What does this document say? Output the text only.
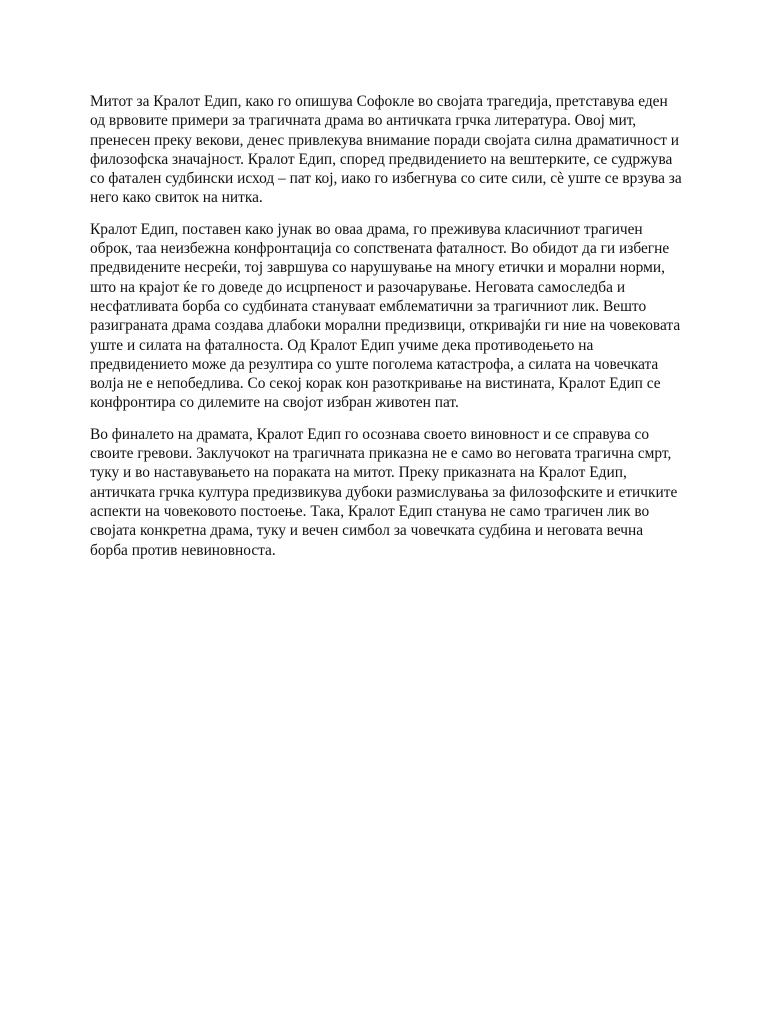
Митот за Кралот Едип, како го опишува Софокле во својата трагедија, претставува еден
од врвовите примери за трагичната драма во античката грчка литература. Овој мит,
пренесен преку векови, денес привлекува внимание поради својата силна драматичност и
филозофска значајност. Кралот Едип, според предвидението на вештерките, се судржува
со фатален судбински исход – пат кој, иако го избегнува со сите сили, сè уште се врзува за
него како свиток на нитка.

Кралот Едип, поставен како јунак во оваа драма, го преживува класичниот трагичен
оброк, таа неизбежна конфронтација со сопствената фаталност. Во обидот да ги избегне
предвидените несреќи, тој завршува со нарушување на многу етички и морални норми,
што на крајот ќе го доведе до исцрпеност и разочарување. Неговата самоследба и
несфатливата борба со судбината стануваат емблематични за трагичниот лик. Вешто
разиграната драма создава длабоки морални предизвици, откривајќи ги ние на човековата
уште и силата на фаталноста. Од Кралот Едип учиме дека противодењето на
предвидението може да резултира со уште поголема катастрофа, а силата на човечката
волја не е непобедлива. Со секој корак кон разоткривање на вистината, Кралот Едип се
конфронтира со дилемите на својот избран животен пат.

Во финалето на драмата, Кралот Едип го осознава своето виновност и се справува со
своите гревови. Заклучокот на трагичната приказна не е само во неговата трагична смрт,
туку и во наставувањето на пораката на митот. Преку приказната на Кралот Едип,
античката грчка култура предизвикува дубоки размислувања за филозофските и етичките
аспекти на човековото постоење. Така, Кралот Едип станува не само трагичен лик во
својата конкретна драма, туку и вечен симбол за човечката судбина и неговата вечна
борба против невиновноста.
